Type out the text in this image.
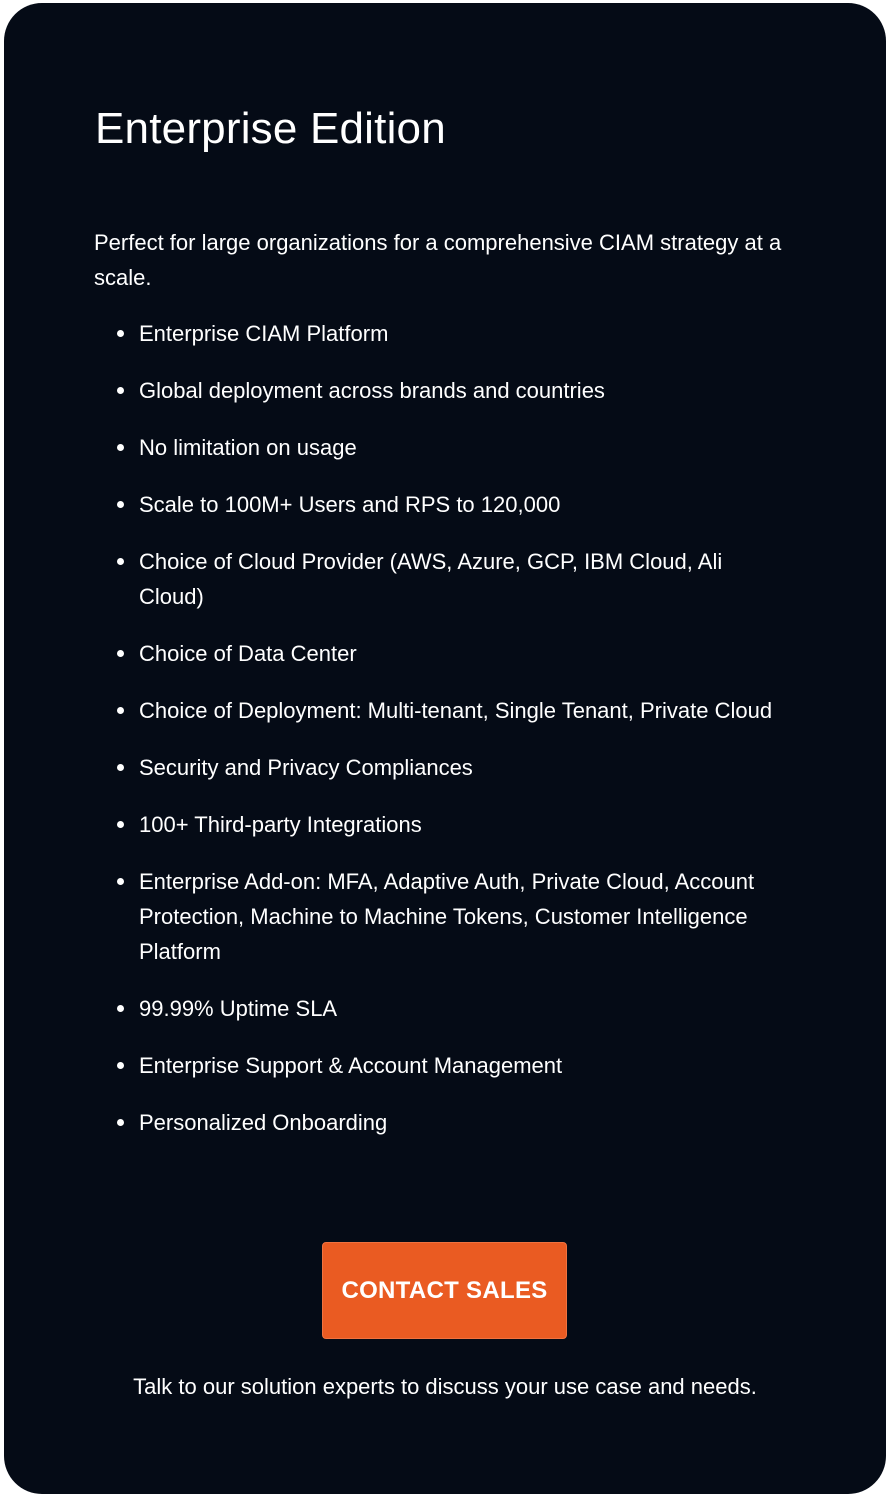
Enterprise Edition

Perfect for large organizations for a comprehensive CIAM strategy at a scale.

Enterprise CIAM Platform
Global deployment across brands and countries
No limitation on usage
Scale to 100M+ Users and RPS to 120,000
Choice of Cloud Provider (AWS, Azure, GCP, IBM Cloud, Ali Cloud)
Choice of Data Center
Choice of Deployment: Multi-tenant, Single Tenant, Private Cloud
Security and Privacy Compliances
100+ Third-party Integrations
Enterprise Add-on: MFA, Adaptive Auth, Private Cloud, Account Protection, Machine to Machine Tokens, Customer Intelligence Platform
99.99% Uptime SLA
Enterprise Support & Account Management
Personalized Onboarding
CONTACT SALES

Talk to our solution experts to discuss your use case and needs.
